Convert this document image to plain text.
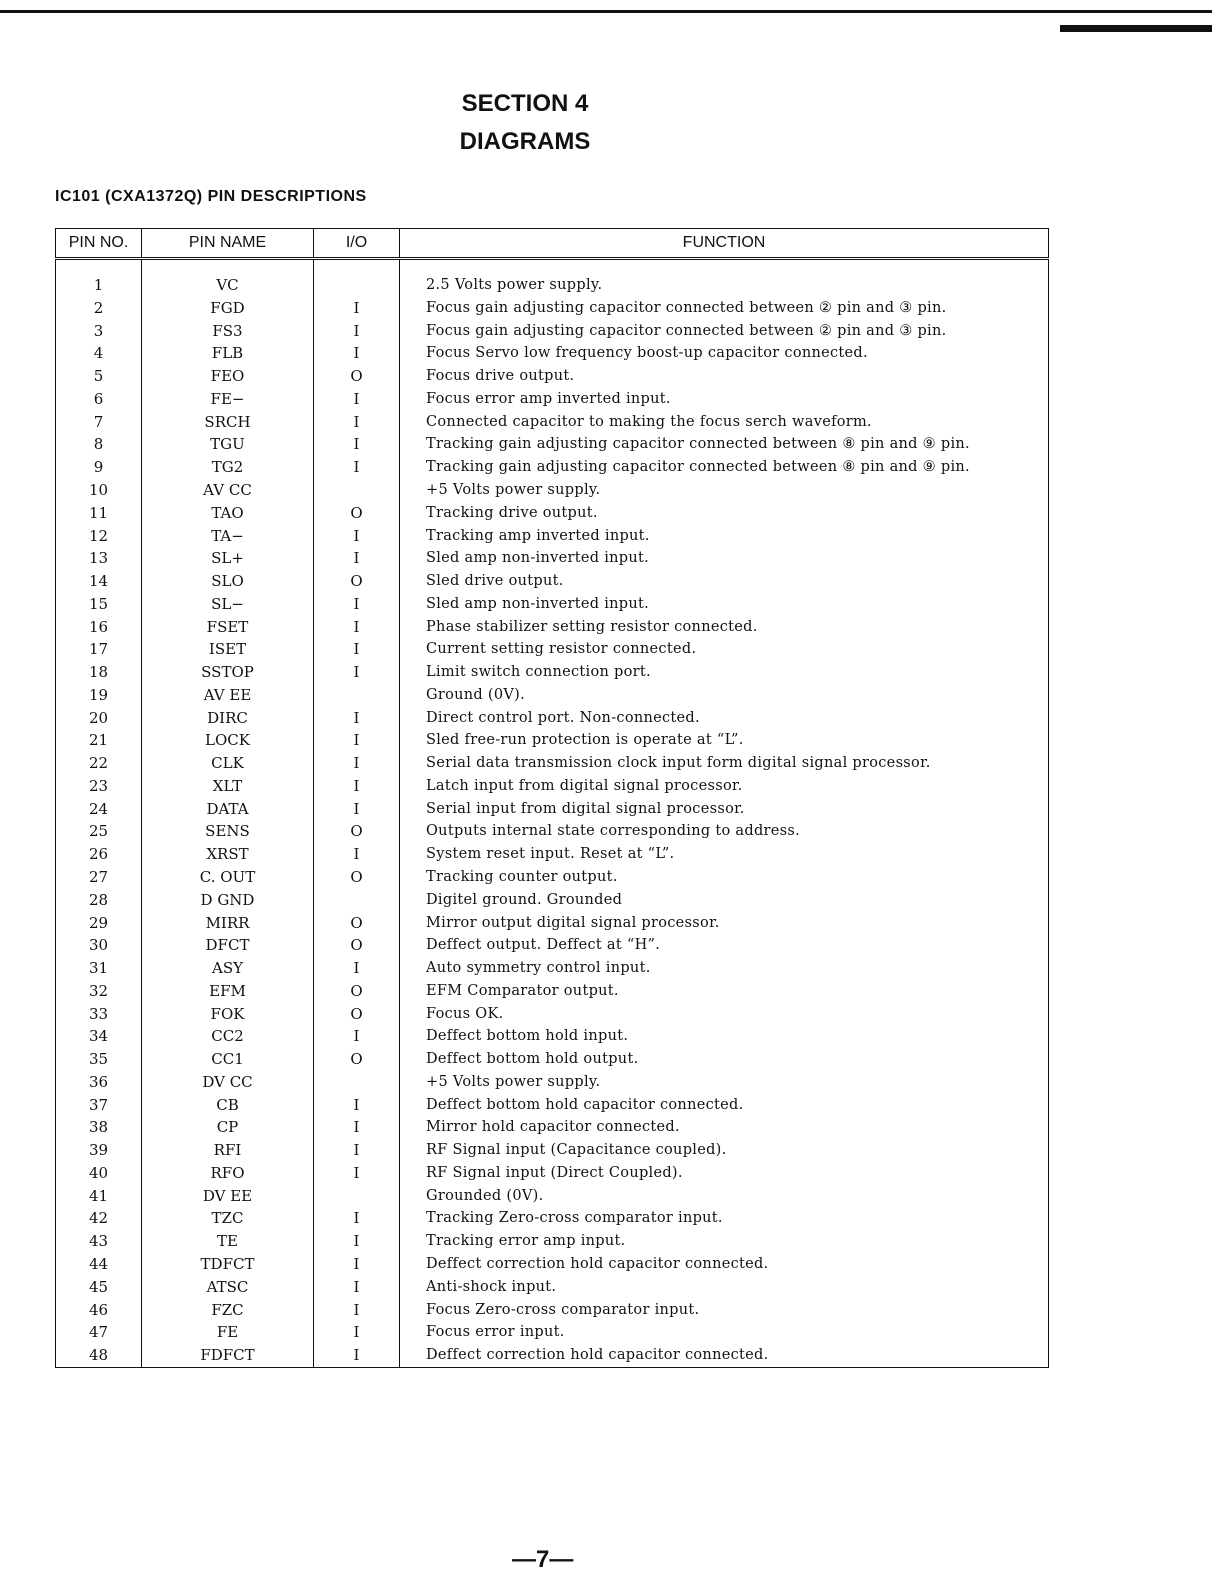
SECTION 4
DIAGRAMS
IC101 (CXA1372Q) PIN DESCRIPTIONS
PIN NO.	PIN NAME	I/O	FUNCTION
1	VC		2.5 Volts power supply.
2	FGD	I	Focus gain adjusting capacitor connected between ② pin and ③ pin.
3	FS3	I	Focus gain adjusting capacitor connected between ② pin and ③ pin.
4	FLB	I	Focus Servo low frequency boost-up capacitor connected.
5	FEO	O	Focus drive output.
6	FE−	I	Focus error amp inverted input.
7	SRCH	I	Connected capacitor to making the focus serch waveform.
8	TGU	I	Tracking gain adjusting capacitor connected between ⑧ pin and ⑨ pin.
9	TG2	I	Tracking gain adjusting capacitor connected between ⑧ pin and ⑨ pin.
10	AV CC		+5 Volts power supply.
11	TAO	O	Tracking drive output.
12	TA−	I	Tracking amp inverted input.
13	SL+	I	Sled amp non-inverted input.
14	SLO	O	Sled drive output.
15	SL−	I	Sled amp non-inverted input.
16	FSET	I	Phase stabilizer setting resistor connected.
17	ISET	I	Current setting resistor connected.
18	SSTOP	I	Limit switch connection port.
19	AV EE		Ground (0V).
20	DIRC	I	Direct control port. Non-connected.
21	LOCK	I	Sled free-run protection is operate at “L”.
22	CLK	I	Serial data transmission clock input form digital signal processor.
23	XLT	I	Latch input from digital signal processor.
24	DATA	I	Serial input from digital signal processor.
25	SENS	O	Outputs internal state corresponding to address.
26	XRST	I	System reset input. Reset at “L”.
27	C. OUT	O	Tracking counter output.
28	D GND		Digitel ground. Grounded
29	MIRR	O	Mirror output digital signal processor.
30	DFCT	O	Deffect output. Deffect at “H”.
31	ASY	I	Auto symmetry control input.
32	EFM	O	EFM Comparator output.
33	FOK	O	Focus OK.
34	CC2	I	Deffect bottom hold input.
35	CC1	O	Deffect bottom hold output.
36	DV CC		+5 Volts power supply.
37	CB	I	Deffect bottom hold capacitor connected.
38	CP	I	Mirror hold capacitor connected.
39	RFI	I	RF Signal input (Capacitance coupled).
40	RFO	I	RF Signal input (Direct Coupled).
41	DV EE		Grounded (0V).
42	TZC	I	Tracking Zero-cross comparator input.
43	TE	I	Tracking error amp input.
44	TDFCT	I	Deffect correction hold capacitor connected.
45	ATSC	I	Anti-shock input.
46	FZC	I	Focus Zero-cross comparator input.
47	FE	I	Focus error input.
48	FDFCT	I	Deffect correction hold capacitor connected.
—7—
